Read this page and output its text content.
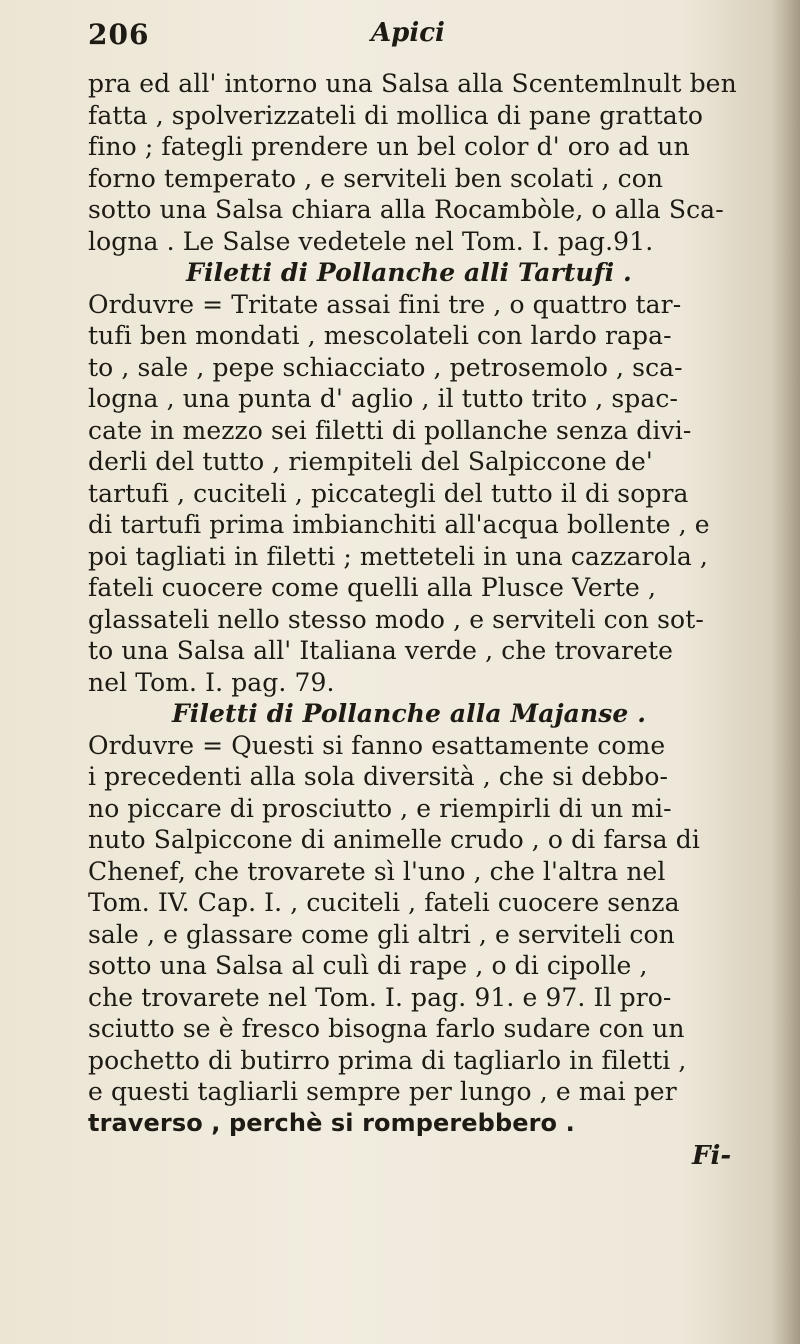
206	Apici
pra ed all' intorno una Salsa alla Scentemlnult ben
fatta , spolverizzateli di mollica di pane grattato
fino ; fategli prendere un bel color d' oro ad un
forno temperato , e serviteli ben scolati , con
sotto una Salsa chiara alla Rocambòle, o alla Sca-
logna . Le Salse vedetele nel Tom. I. pag.91.
Filetti di Pollanche alli Tartufi .
Orduvre = Tritate assai fini tre , o quattro tar-
tufi ben mondati , mescolateli con lardo rapa-
to , sale , pepe schiacciato , petrosemolo , sca-
logna , una punta d' aglio , il tutto trito , spac-
cate in mezzo sei filetti di pollanche senza divi-
derli del tutto , riempiteli del Salpiccone de'
tartufi , cuciteli , piccategli del tutto il di sopra
di tartufi prima imbianchiti all'acqua bollente , e
poi tagliati in filetti ; metteteli in una cazzarola ,
fateli cuocere come quelli alla Plusce Verte ,
glassateli nello stesso modo , e serviteli con sot-
to una Salsa all' Italiana verde , che trovarete
nel Tom. I. pag. 79.
Filetti di Pollanche alla Majanse .
Orduvre = Questi si fanno esattamente come
i precedenti alla sola diversità , che si debbo-
no piccare di prosciutto , e riempirli di un mi-
nuto Salpiccone di animelle crudo , o di farsa di
Chenef, che trovarete sì l'uno , che l'altra nel
Tom. IV. Cap. I. , cuciteli , fateli cuocere senza
sale , e glassare come gli altri , e serviteli con
sotto una Salsa al culì di rape , o di cipolle ,
che trovarete nel Tom. I. pag. 91. e 97. Il pro-
sciutto se è fresco bisogna farlo sudare con un
pochetto di butirro prima di tagliarlo in filetti ,
e questi tagliarli sempre per lungo , e mai per
traverso , perchè si romperebbero .
Fi-
